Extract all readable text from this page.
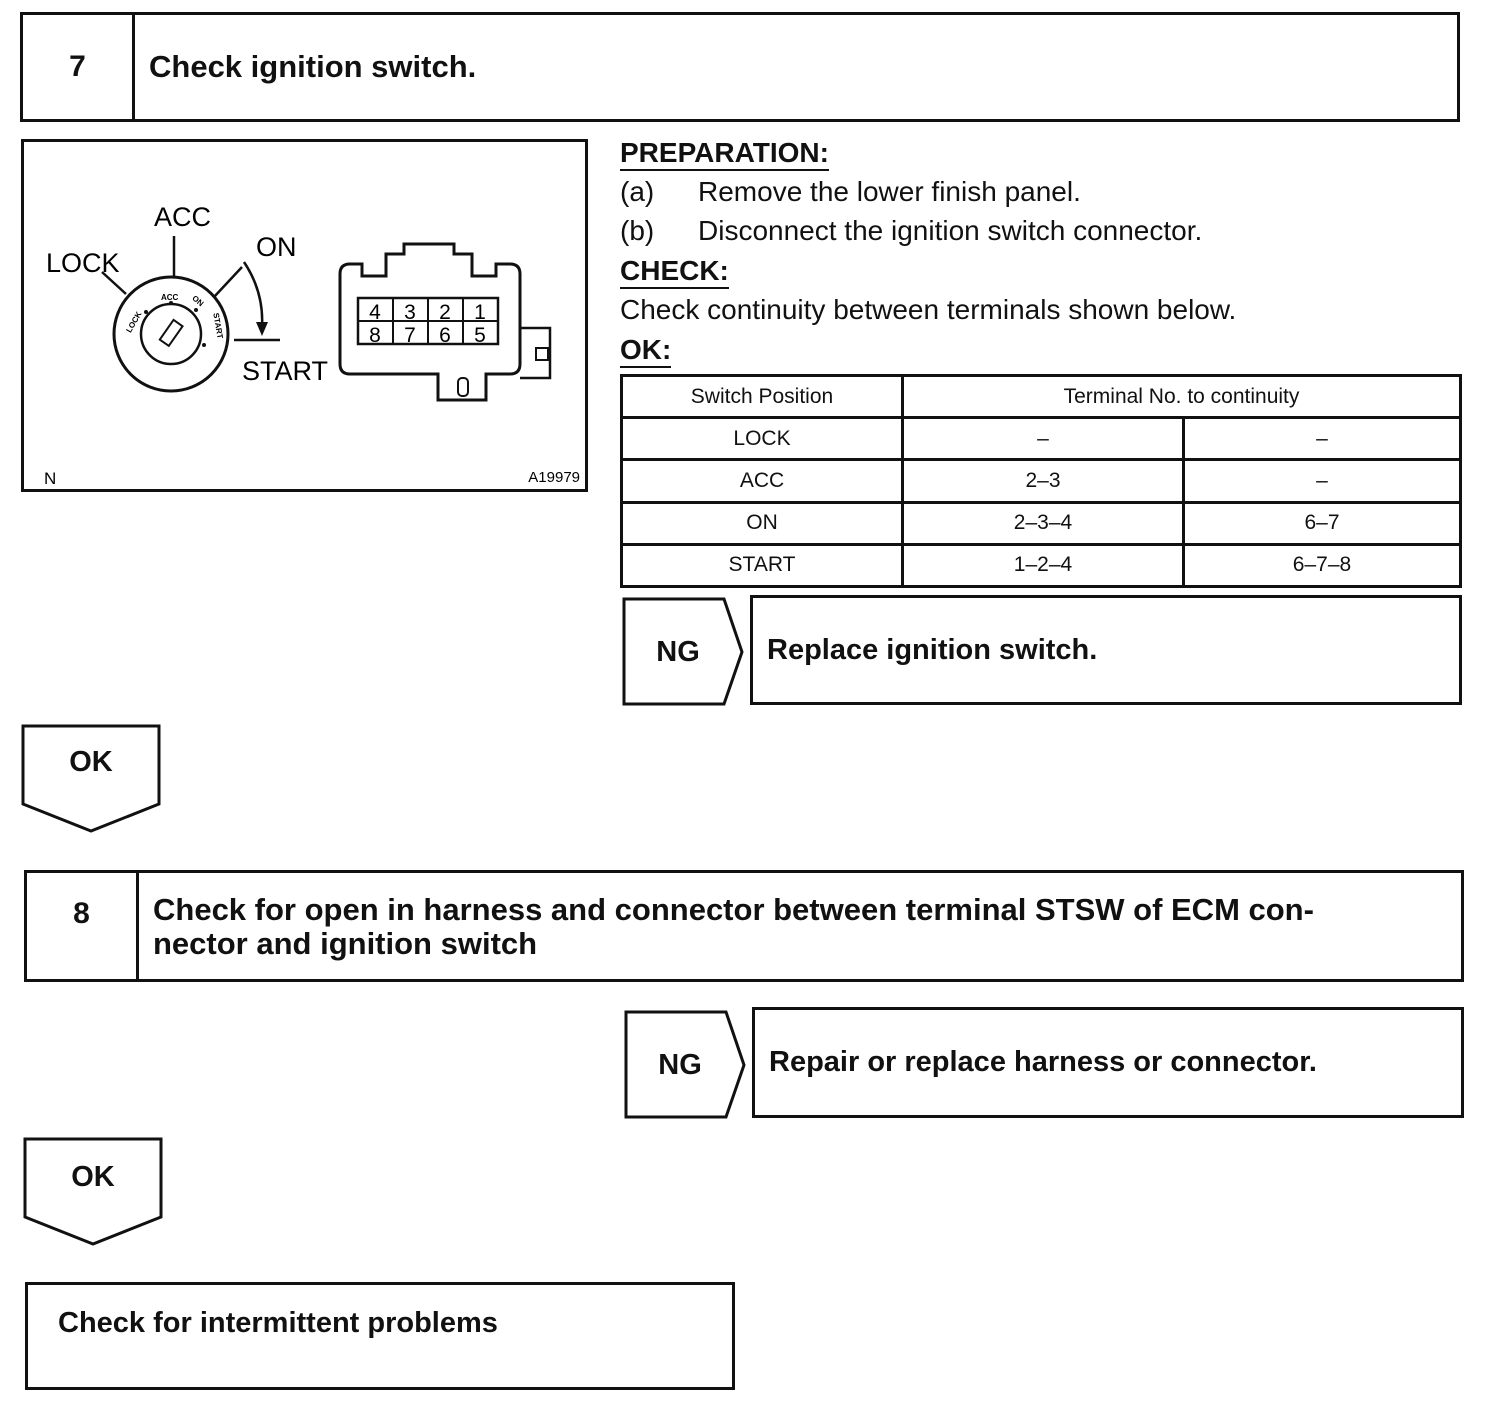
7	Check ignition switch.
LOCK
ACC ON
START
ACC
LOCK
ON
START
4 3 2 1
8 7 6 5
N	A19979
PREPARATION:
(a) Remove the lower finish panel.
(b) Disconnect the ignition switch connector.
CHECK:
Check continuity between terminals shown below.
OK:
Switch Position	Terminal No. to continuity	
LOCK	–	–
ACC	2–3	–
ON	2–3–4	6–7
START	1–2–4	6–7–8
NG	Replace ignition switch.
OK
8	Check for open in harness and connector between terminal STSW of ECM con-
nector and ignition switch
NG	Repair or replace harness or connector.
OK
Check for intermittent problems
